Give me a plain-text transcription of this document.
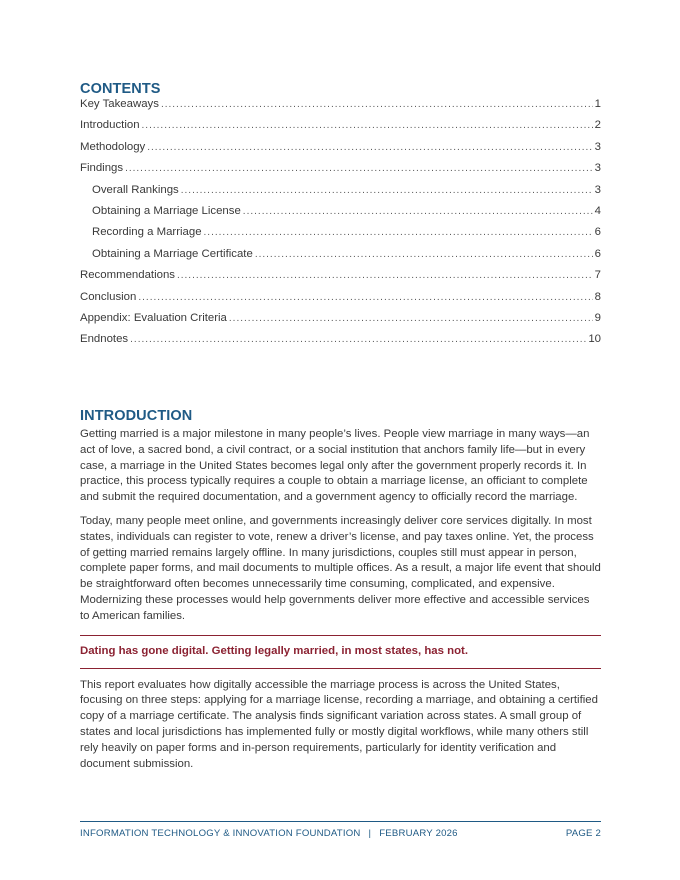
CONTENTS
Key Takeaways .....	1
Introduction .....	2
Methodology .....	3
Findings .....	3
Overall Rankings .....	3
Obtaining a Marriage License .....	4
Recording a Marriage .....	6
Obtaining a Marriage Certificate .....	6
Recommendations .....	7
Conclusion .....	8
Appendix: Evaluation Criteria .....	9
Endnotes .....	10
INTRODUCTION

Getting married is a major milestone in many people’s lives. People view marriage in many ways—an act of love, a sacred bond, a civil contract, or a social institution that anchors family life—but in every case, a marriage in the United States becomes legal only after the government properly records it. In practice, this process typically requires a couple to obtain a marriage license, an officiant to complete and submit the required documentation, and a government agency to officially record the marriage.

Today, many people meet online, and governments increasingly deliver core services digitally. In most states, individuals can register to vote, renew a driver’s license, and pay taxes online. Yet, the process of getting married remains largely offline. In many jurisdictions, couples still must appear in person, complete paper forms, and mail documents to multiple offices. As a result, a major life event that should be straightforward often becomes unnecessarily time consuming, complicated, and expensive. Modernizing these processes would help governments deliver more effective and accessible services to American families.

Dating has gone digital. Getting legally married, in most states, has not.

This report evaluates how digitally accessible the marriage process is across the United States, focusing on three steps: applying for a marriage license, recording a marriage, and obtaining a certified copy of a marriage certificate. The analysis finds significant variation across states. A small group of states and local jurisdictions has implemented fully or mostly digital workflows, while many others still rely heavily on paper forms and in-person requirements, particularly for identity verification and document submission.

INFORMATION TECHNOLOGY & INNOVATION FOUNDATION | FEBRUARY 2026	PAGE 2
